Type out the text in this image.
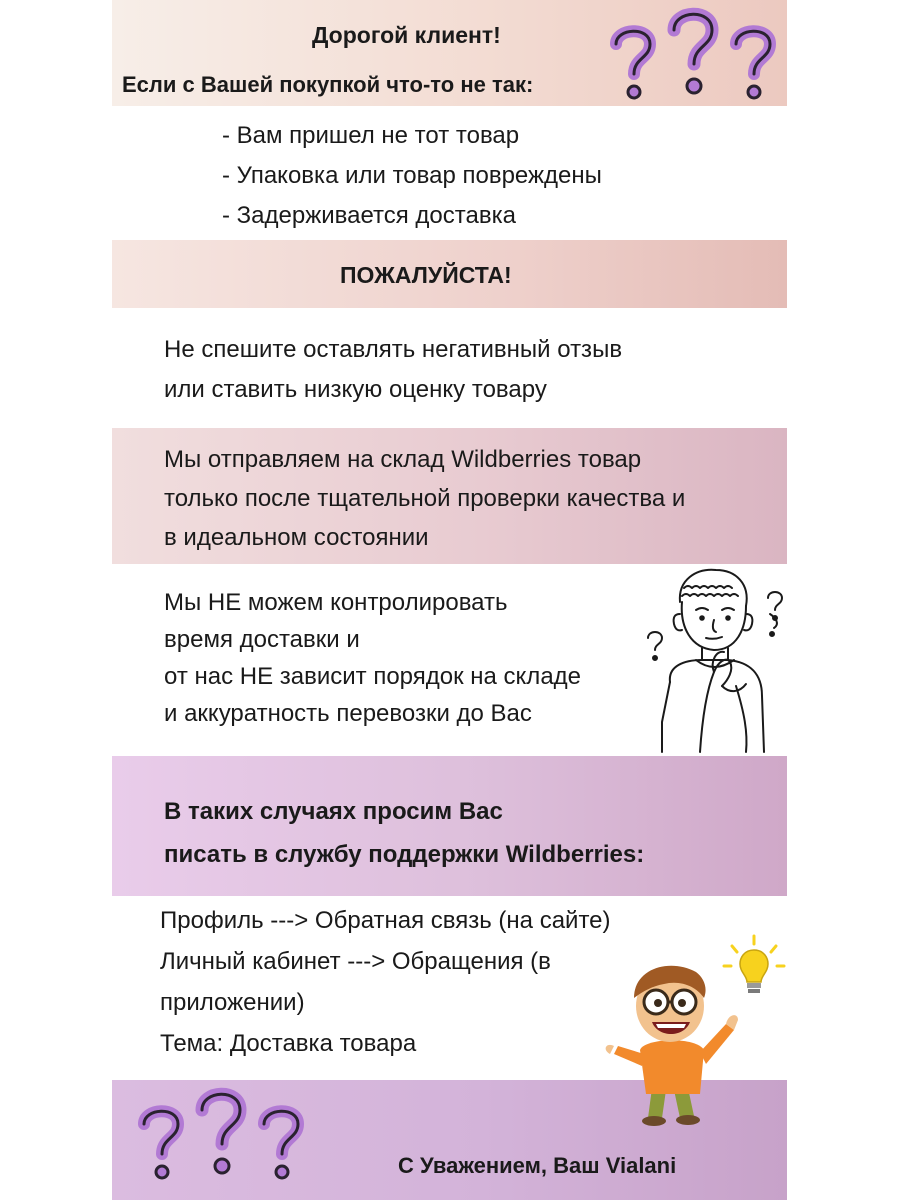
Дорогой клиент!

Если с Вашей покупкой что-то не так:

- Вам пришел не тот товар
- Упаковка или товар повреждены
- Задерживается доставка

ПОЖАЛУЙСТА!

Не спешите оставлять негативный отзыв
или ставить низкую оценку товару
Мы отправляем на склад Wildberries товар
только после тщательной проверки качества и
в идеальном состоянии
Мы НЕ можем контролировать
время доставки и
от нас НЕ зависит порядок на складе
и аккуратность перевозки до Вас
В таких случаях просим Вас
писать в службу поддержки Wildberries:
Профиль ---> Обратная связь (на сайте)
Личный кабинет ---> Обращения (в
приложении)
Тема: Доставка товара

С Уважением, Ваш Vialani
